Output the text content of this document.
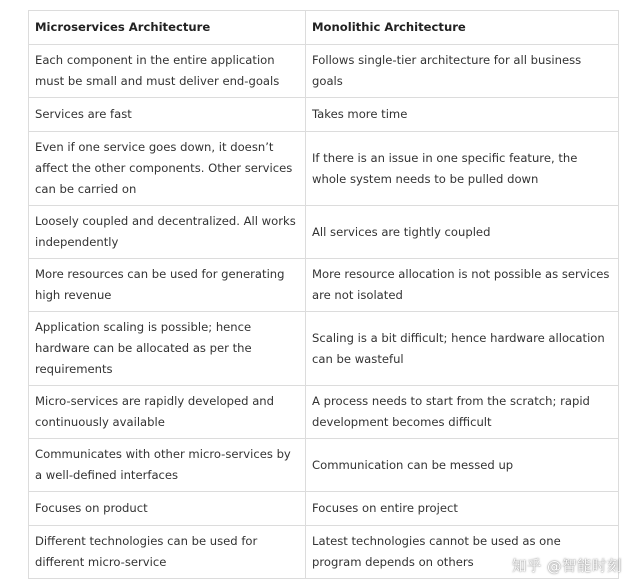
Microservices Architecture	Monolithic Architecture
Each component in the entire application must be small and must deliver end-goals	Follows single-tier architecture for all business goals
Services are fast	Takes more time
Even if one service goes down, it doesn’t affect the other components. Other services can be carried on	If there is an issue in one specific feature, the whole system needs to be pulled down
Loosely coupled and decentralized. All works independently	All services are tightly coupled
More resources can be used for generating high revenue	More resource allocation is not possible as services are not isolated
Application scaling is possible; hence hardware can be allocated as per the requirements	Scaling is a bit difficult; hence hardware allocation can be wasteful
Micro-services are rapidly developed and continuously available	A process needs to start from the scratch; rapid development becomes difficult
Communicates with other micro-services by a well-defined interfaces	Communication can be messed up
Focuses on product	Focuses on entire project
Different technologies can be used for different micro-service	Latest technologies cannot be used as one program depends on others	知乎 @智能时刻
